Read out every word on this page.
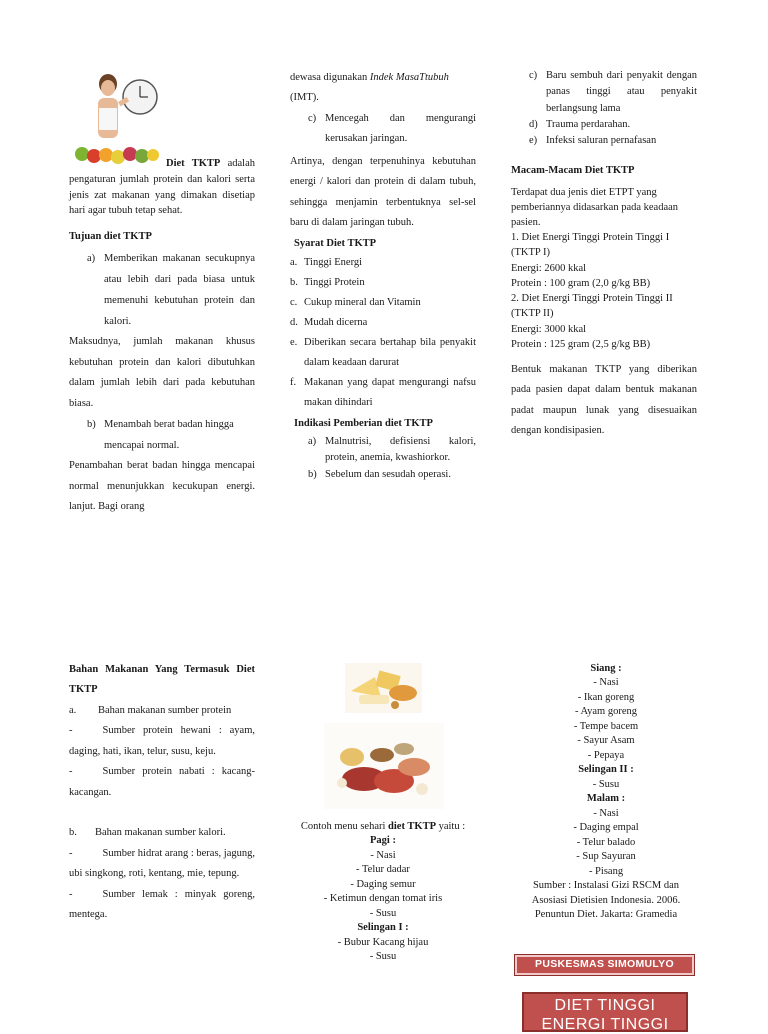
Diet TKTP adalah pengaturan jumlah protein dan kalori serta jenis zat makanan yang dimakan disetiap hari agar tubuh tetap sehat.

Tujuan diet TKTP

a) Memberikan makanan secukupnya atau lebih dari pada biasa untuk memenuhi kebutuhan protein dan kalori.

Maksudnya, jumlah makanan khusus kebutuhan protein dan kalori dibutuhkan dalam jumlah lebih dari pada kebutuhan biasa.

b) Menambah berat badan hingga mencapai normal.

Penambahan berat badan hingga mencapai normal menunjukkan kecukupan energi. lanjut. Bagi orang

dewasa digunakan Indek MasaTtubuh (IMT).

c) Mencegah dan mengurangi kerusakan jaringan.

Artinya, dengan terpenuhinya kebutuhan energi / kalori dan protein di dalam tubuh, sehingga menjamin terbentuknya sel-sel baru di dalam jaringan tubuh.

Syarat Diet TKTP

a. Tinggi Energi
b. Tinggi Protein
c. Cukup mineral dan Vitamin
d. Mudah dicerna
e. Diberikan secara bertahap bila penyakit dalam keadaan darurat
f. Makanan yang dapat mengurangi nafsu makan dihindari

Indikasi Pemberian diet TKTP

a) Malnutrisi, defisiensi kalori, protein, anemia, kwashiorkor.
b) Sebelum dan sesudah operasi.
c) Baru sembuh dari penyakit dengan panas tinggi atau penyakit berlangsung lama
d) Trauma perdarahan.
e) Infeksi saluran pernafasan

Macam-Macam Diet TKTP

Terdapat dua jenis diet ETPT yang pemberiannya didasarkan pada keadaan pasien.
1. Diet Energi Tinggi Protein Tinggi I (TKTP I)
Energi: 2600 kkal
Protein : 100 gram (2,0 g/kg BB)
2. Diet Energi Tinggi Protein Tinggi II (TKTP II)
Energi: 3000 kkal
Protein : 125 gram (2,5 g/kg BB)

Bentuk makanan TKTP yang diberikan pada pasien dapat dalam bentuk makanan padat maupun lunak yang disesuaikan dengan kondisipasien.

Bahan Makanan Yang Termasuk Diet TKTP

a.	Bahan makanan sumber protein

-	Sumber protein hewani : ayam, daging, hati, ikan, telur, susu, keju.

-	Sumber protein nabati : kacang-kacangan.

b.	Bahan makanan sumber kalori.

-	Sumber hidrat arang : beras, jagung, ubi singkong, roti, kentang, mie, tepung.

-	Sumber lemak : minyak goreng, mentega.

Contoh menu sehari diet TKTP yaitu :
Pagi :
- Nasi
- Telur dadar
- Daging semur
- Ketimun dengan tomat iris
- Susu
Selingan I :
- Bubur Kacang hijau
- Susu
Siang :
- Nasi
- Ikan goreng
- Ayam goreng
- Tempe bacem
- Sayur Asam
- Pepaya
Selingan II :
- Susu
Malam :
- Nasi
- Daging empal
- Telur balado
- Sup Sayuran
- Pisang
Sumber : Instalasi Gizi RSCM dan Asosiasi Dietisien Indonesia. 2006. Penuntun Diet. Jakarta: Gramedia
PUSKESMAS SIMOMULYO
DIET TINGGI ENERGI TINGGI
